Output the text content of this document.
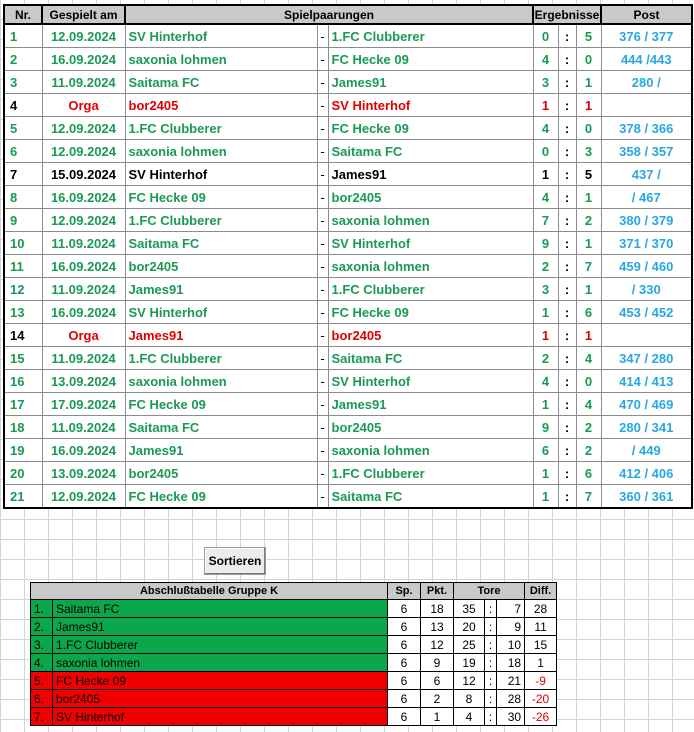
Nr.	Gespielt am	Spielpaarungen			Ergebnisse			Post
1	12.09.2024	SV Hinterhof	-	1.FC Clubberer	0	:	5	376 / 377
2	16.09.2024	saxonia lohmen	-	FC Hecke 09	4	:	0	444 /443
3	11.09.2024	Saitama FC	-	James91	3	:	1	280 /
4	Orga	bor2405	-	SV Hinterhof	1	:	1	
5	12.09.2024	1.FC Clubberer	-	FC Hecke 09	4	:	0	378 / 366
6	12.09.2024	saxonia lohmen	-	Saitama FC	0	:	3	358 / 357
7	15.09.2024	SV Hinterhof	-	James91	1	:	5	437 /
8	16.09.2024	FC Hecke 09	-	bor2405	4	:	1	/ 467
9	12.09.2024	1.FC Clubberer	-	saxonia lohmen	7	:	2	380 / 379
10	11.09.2024	Saitama FC	-	SV Hinterhof	9	:	1	371 / 370
11	16.09.2024	bor2405	-	saxonia lohmen	2	:	7	459 / 460
12	11.09.2024	James91	-	1.FC Clubberer	3	:	1	/ 330
13	16.09.2024	SV Hinterhof	-	FC Hecke 09	1	:	6	453 / 452
14	Orga	James91	-	bor2405	1	:	1	
15	11.09.2024	1.FC Clubberer	-	Saitama FC	2	:	4	347 / 280
16	13.09.2024	saxonia lohmen	-	SV Hinterhof	4	:	0	414 / 413
17	17.09.2024	FC Hecke 09	-	James91	1	:	4	470 / 469
18	11.09.2024	Saitama FC	-	bor2405	9	:	2	280 / 341
19	16.09.2024	James91	-	saxonia lohmen	6	:	2	/ 449
20	13.09.2024	bor2405	-	1.FC Clubberer	1	:	6	412 / 406
21	12.09.2024	FC Hecke 09	-	Saitama FC	1	:	7	360 / 361
Sortieren
Abschlußtabelle Gruppe K		Sp.	Pkt.	Tore			Diff.
1.	Saitama FC	6	18	35	:	7	28
2.	James91	6	13	20	:	9	11
3.	1.FC Clubberer	6	12	25	:	10	15
4.	saxonia lohmen	6	9	19	:	18	1
5.	FC Hecke 09	6	6	12	:	21	-9
6.	bor2405	6	2	8	:	28	-20
7.	SV Hinterhof	6	1	4	:	30	-26
